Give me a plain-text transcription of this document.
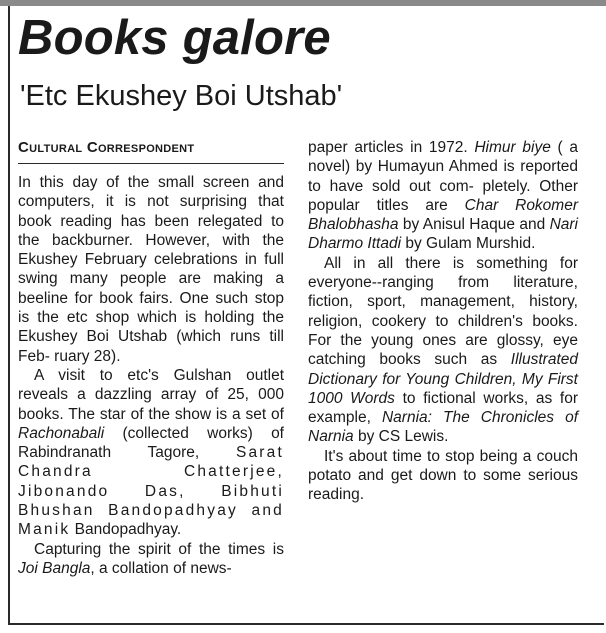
Books galore
'Etc Ekushey Boi Utshab'
Cultural Correspondent

In this day of the small screen and computers, it is not surprising that book reading has been relegated to the backburner. However, with the Ekushey February celebrations in full swing many people are making a beeline for book fairs. One such stop is the etc shop which is holding the Ekushey Boi Utshab (which runs till Feb- ruary 28).

A visit to etc's Gulshan outlet reveals a dazzling array of 25, 000 books. The star of the show is a set of Rachonabali (collected works) of Rabindranath Tagore, Sarat Chandra Chatterjee, Jibonando Das, Bibhuti Bhushan Bandopadhyay and Manik Bandopadhyay.

Capturing the spirit of the times is Joi Bangla, a collation of news-

paper articles in 1972. Himur biye ( a novel) by Humayun Ahmed is reported to have sold out com- pletely. Other popular titles are Char Rokomer Bhalobhasha by Anisul Haque and Nari Dharmo Ittadi by Gulam Murshid.

All in all there is something for everyone--ranging from literature, fiction, sport, management, history, religion, cookery to children's books. For the young ones are glossy, eye catching books such as Illustrated Dictionary for Young Children, My First 1000 Words to fictional works, as for example, Narnia: The Chronicles of Narnia by CS Lewis.

It's about time to stop being a couch potato and get down to some serious reading.
